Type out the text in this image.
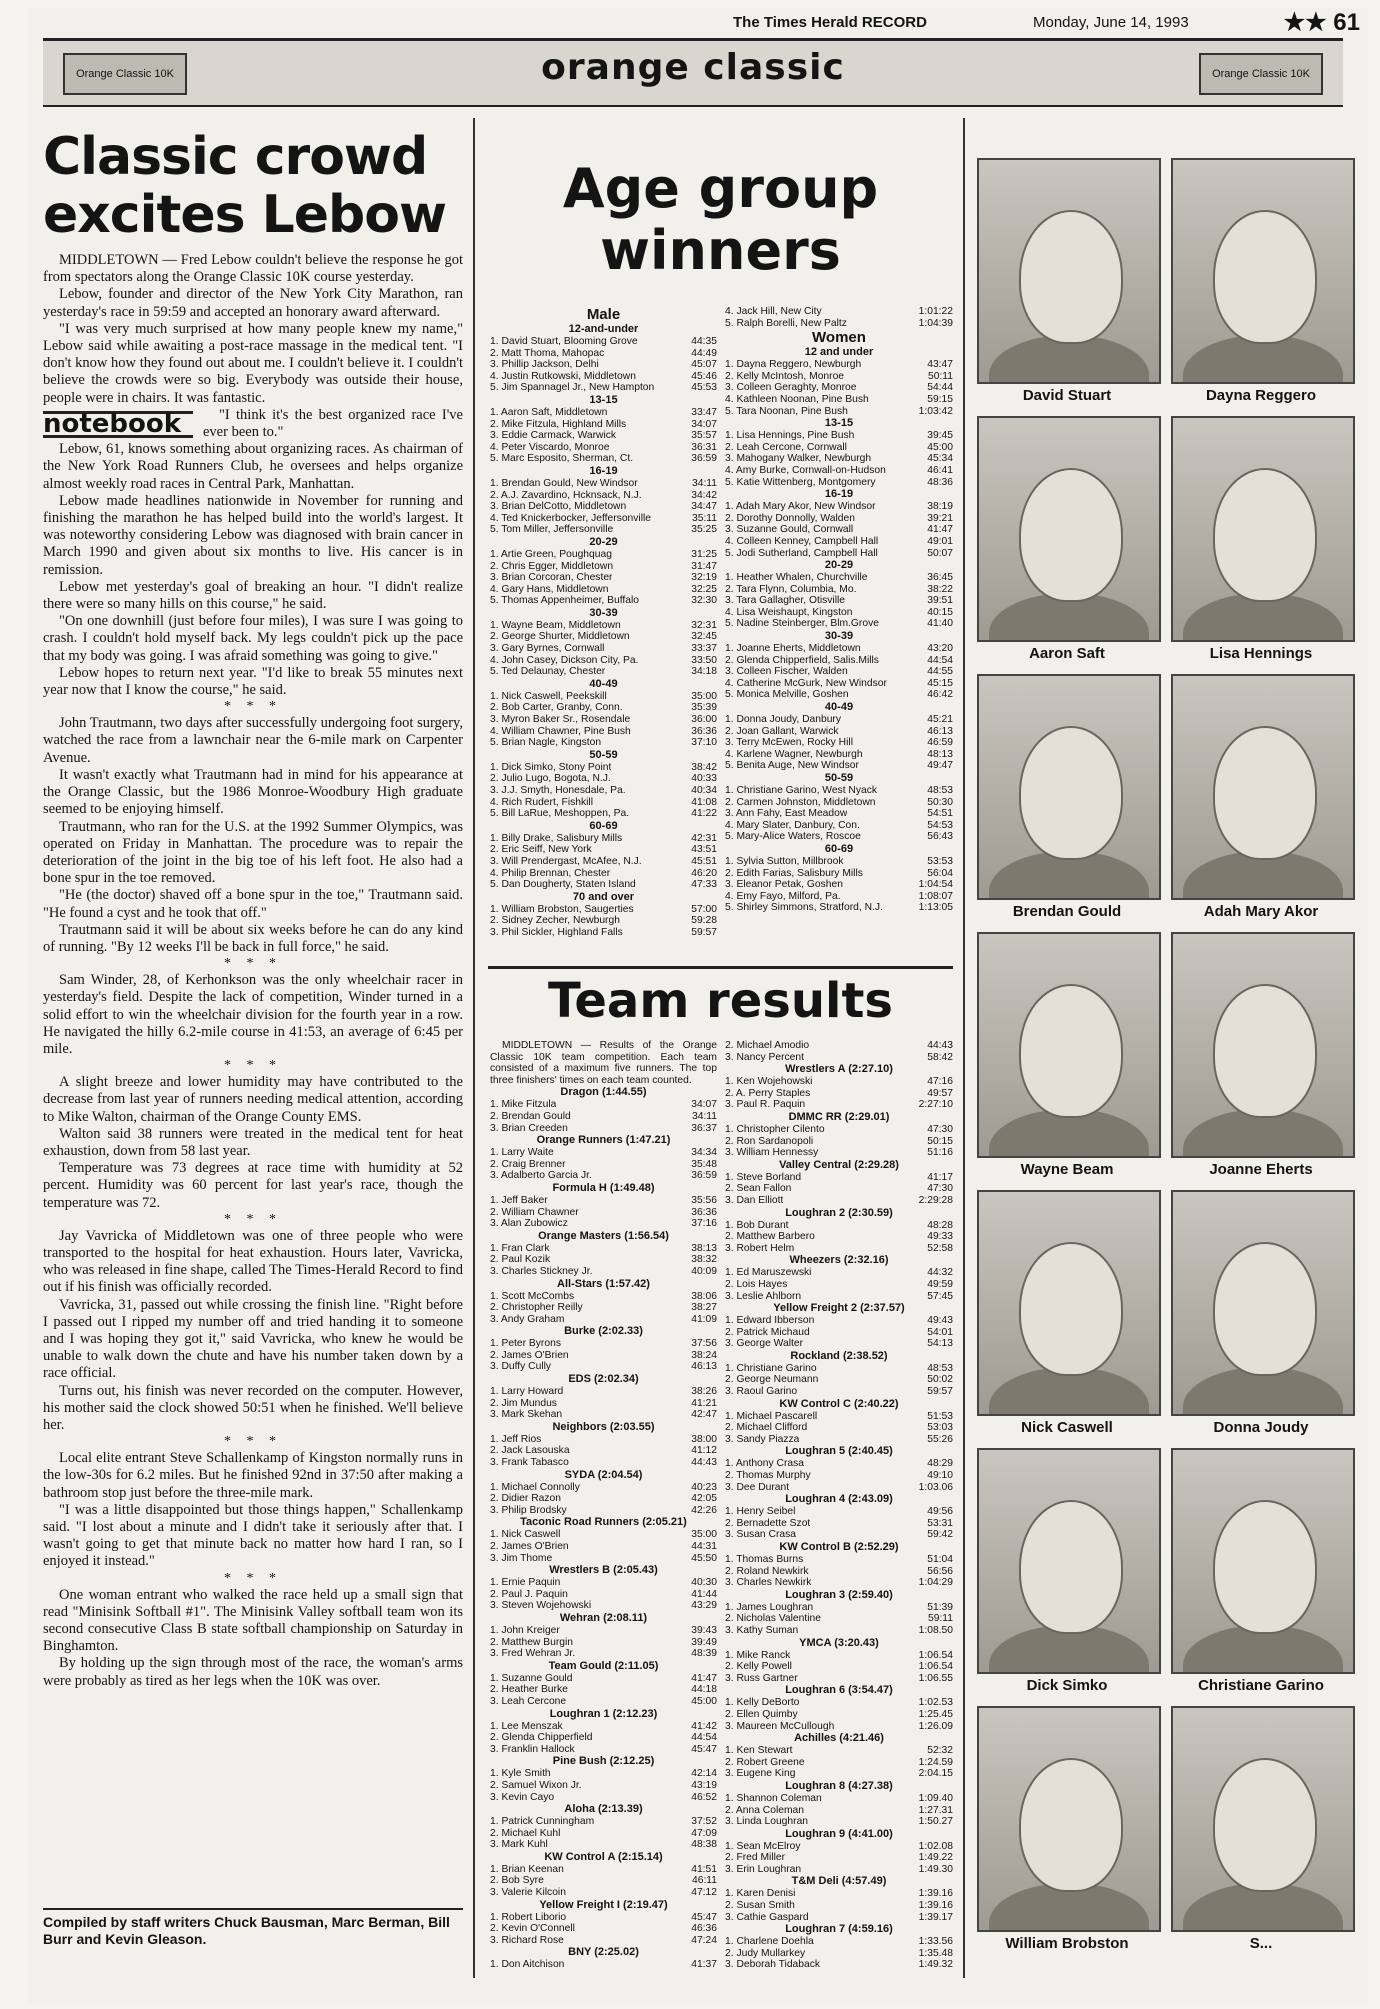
The Times Herald RECORD	Monday, June 14, 1993	★★ 61
Orange Classic 10K	orange classic	Orange Classic 10K
Classic crowd excites Lebow

MIDDLETOWN — Fred Lebow couldn't believe the response he got from spectators along the Orange Classic 10K course yesterday.

Lebow, founder and director of the New York City Marathon, ran yesterday's race in 59:59 and accepted an honorary award afterward.

"I was very much surprised at how many people knew my name," Lebow said while awaiting a post-race massage in the medical tent. "I don't know how they found out about me. I couldn't believe it. I couldn't believe the crowds were so big. Everybody was outside their house, people were in chairs. It was fantastic.

notebook	"I think it's the best organized race I've ever been to."

Lebow, 61, knows something about organizing races. As chairman of the New York Road Runners Club, he oversees and helps organize almost weekly road races in Central Park, Manhattan.

Lebow made headlines nationwide in November for running and finishing the marathon he has helped build into the world's largest. It was noteworthy considering Lebow was diagnosed with brain cancer in March 1990 and given about six months to live. His cancer is in remission.

Lebow met yesterday's goal of breaking an hour. "I didn't realize there were so many hills on this course," he said.

"On one downhill (just before four miles), I was sure I was going to crash. I couldn't hold myself back. My legs couldn't pick up the pace that my body was going. I was afraid something was going to give."

Lebow hopes to return next year. "I'd like to break 55 minutes next year now that I know the course," he said.

* * *

John Trautmann, two days after successfully undergoing foot surgery, watched the race from a lawnchair near the 6-mile mark on Carpenter Avenue.

It wasn't exactly what Trautmann had in mind for his appearance at the Orange Classic, but the 1986 Monroe-Woodbury High graduate seemed to be enjoying himself.

Trautmann, who ran for the U.S. at the 1992 Summer Olympics, was operated on Friday in Manhattan. The procedure was to repair the deterioration of the joint in the big toe of his left foot. He also had a bone spur in the toe removed.

"He (the doctor) shaved off a bone spur in the toe," Trautmann said. "He found a cyst and he took that off."

Trautmann said it will be about six weeks before he can do any kind of running. "By 12 weeks I'll be back in full force," he said.

* * *

Sam Winder, 28, of Kerhonkson was the only wheelchair racer in yesterday's field. Despite the lack of competition, Winder turned in a solid effort to win the wheelchair division for the fourth year in a row. He navigated the hilly 6.2-mile course in 41:53, an average of 6:45 per mile.

* * *

A slight breeze and lower humidity may have contributed to the decrease from last year of runners needing medical attention, according to Mike Walton, chairman of the Orange County EMS.

Walton said 38 runners were treated in the medical tent for heat exhaustion, down from 58 last year.

Temperature was 73 degrees at race time with humidity at 52 percent. Humidity was 60 percent for last year's race, though the temperature was 72.

* * *

Jay Vavricka of Middletown was one of three people who were transported to the hospital for heat exhaustion. Hours later, Vavricka, who was released in fine shape, called The Times-Herald Record to find out if his finish was officially recorded.

Vavricka, 31, passed out while crossing the finish line. "Right before I passed out I ripped my number off and tried handing it to someone and I was hoping they got it," said Vavricka, who knew he would be unable to walk down the chute and have his number taken down by a race official.

Turns out, his finish was never recorded on the computer. However, his mother said the clock showed 50:51 when he finished. We'll believe her.

* * *

Local elite entrant Steve Schallenkamp of Kingston normally runs in the low-30s for 6.2 miles. But he finished 92nd in 37:50 after making a bathroom stop just before the three-mile mark.

"I was a little disappointed but those things happen," Schallenkamp said. "I lost about a minute and I didn't take it seriously after that. I wasn't going to get that minute back no matter how hard I ran, so I enjoyed it instead."

* * *

One woman entrant who walked the race held up a small sign that read "Minisink Softball #1". The Minisink Valley softball team won its second consecutive Class B state softball championship on Saturday in Binghamton.

By holding up the sign through most of the race, the woman's arms were probably as tired as her legs when the 10K was over.

Compiled by staff writers Chuck Bausman, Marc Berman, Bill Burr and Kevin Gleason.
Age group winners
Male
12-and-under
1. David Stuart, Blooming Grove	44:35
2. Matt Thoma, Mahopac	44:49
3. Phillip Jackson, Delhi	45:07
4. Justin Rutkowski, Middletown	45:46
5. Jim Spannagel Jr., New Hampton	45:53
13-15
1. Aaron Saft, Middletown	33:47
2. Mike Fitzula, Highland Mills	34:07
3. Eddie Carmack, Warwick	35:57
4. Peter Viscardo, Monroe	36:31
5. Marc Esposito, Sherman, Ct.	36:59
16-19
1. Brendan Gould, New Windsor	34:11
2. A.J. Zavardino, Hcknsack, N.J.	34:42
3. Brian DelCotto, Middletown	34:47
4. Ted Knickerbocker, Jeffersonville	35:11
5. Tom Miller, Jeffersonville	35:25
20-29
1. Artie Green, Poughquag	31:25
2. Chris Egger, Middletown	31:47
3. Brian Corcoran, Chester	32:19
4. Gary Hans, Middletown	32:25
5. Thomas Appenheimer, Buffalo	32:30
30-39
1. Wayne Beam, Middletown	32:31
2. George Shurter, Middletown	32:45
3. Gary Byrnes, Cornwall	33:37
4. John Casey, Dickson City, Pa.	33:50
5. Ted Delaunay, Chester	34:18
40-49
1. Nick Caswell, Peekskill	35:00
2. Bob Carter, Granby, Conn.	35:39
3. Myron Baker Sr., Rosendale	36:00
4. William Chawner, Pine Bush	36:36
5. Brian Nagle, Kingston	37:10
50-59
1. Dick Simko, Stony Point	38:42
2. Julio Lugo, Bogota, N.J.	40:33
3. J.J. Smyth, Honesdale, Pa.	40:34
4. Rich Rudert, Fishkill	41:08
5. Bill LaRue, Meshoppen, Pa.	41:22
60-69
1. Billy Drake, Salisbury Mills	42:31
2. Eric Seiff, New York	43:51
3. Will Prendergast, McAfee, N.J.	45:51
4. Philip Brennan, Chester	46:20
5. Dan Dougherty, Staten Island	47:33
70 and over
1. William Brobston, Saugerties	57:00
2. Sidney Zecher, Newburgh	59:28
3. Phil Sickler, Highland Falls	59:57
4. Jack Hill, New City	1:01:22
5. Ralph Borelli, New Paltz	1:04:39
Women
12 and under
1. Dayna Reggero, Newburgh	43:47
2. Kelly McIntosh, Monroe	50:11
3. Colleen Geraghty, Monroe	54:44
4. Kathleen Noonan, Pine Bush	59:15
5. Tara Noonan, Pine Bush	1:03:42
13-15
1. Lisa Hennings, Pine Bush	39:45
2. Leah Cercone, Cornwall	45:00
3. Mahogany Walker, Newburgh	45:34
4. Amy Burke, Cornwall-on-Hudson	46:41
5. Katie Wittenberg, Montgomery	48:36
16-19
1. Adah Mary Akor, New Windsor	38:19
2. Dorothy Donnolly, Walden	39:21
3. Suzanne Gould, Cornwall	41:47
4. Colleen Kenney, Campbell Hall	49:01
5. Jodi Sutherland, Campbell Hall	50:07
20-29
1. Heather Whalen, Churchville	36:45
2. Tara Flynn, Columbia, Mo.	38:22
3. Tara Gallagher, Otisville	39:51
4. Lisa Weishaupt, Kingston	40:15
5. Nadine Steinberger, Blm.Grove	41:40
30-39
1. Joanne Eherts, Middletown	43:20
2. Glenda Chipperfield, Salis.Mills	44:54
3. Colleen Fischer, Walden	44:55
4. Catherine McGurk, New Windsor	45:15
5. Monica Melville, Goshen	46:42
40-49
1. Donna Joudy, Danbury	45:21
2. Joan Gallant, Warwick	46:13
3. Terry McEwen, Rocky Hill	46:59
4. Karlene Wagner, Newburgh	48:13
5. Benita Auge, New Windsor	49:47
50-59
1. Christiane Garino, West Nyack	48:53
2. Carmen Johnston, Middletown	50:30
3. Ann Fahy, East Meadow	54:51
4. Mary Slater, Danbury, Con.	54:53
5. Mary-Alice Waters, Roscoe	56:43
60-69
1. Sylvia Sutton, Millbrook	53:53
2. Edith Farias, Salisbury Mills	56:04
3. Eleanor Petak, Goshen	1:04:54
4. Emy Fayo, Milford, Pa.	1:08:07
5. Shirley Simmons, Stratford, N.J.	1:13:05
Team results
MIDDLETOWN — Results of the Orange Classic 10K team competition. Each team consisted of a maximum five runners. The top three finishers' times on each team counted.
Dragon (1:44.55)
1. Mike Fitzula	34:07
2. Brendan Gould	34:11
3. Brian Creeden	36:37
Orange Runners (1:47.21)
1. Larry Waite	34:34
2. Craig Brenner	35:48
3. Adalberto Garcia Jr.	36:59
Formula H (1:49.48)
1. Jeff Baker	35:56
2. William Chawner	36:36
3. Alan Zubowicz	37:16
Orange Masters (1:56.54)
1. Fran Clark	38:13
2. Paul Kozik	38:32
3. Charles Stickney Jr.	40:09
All-Stars (1:57.42)
1. Scott McCombs	38:06
2. Christopher Reilly	38:27
3. Andy Graham	41:09
Burke (2:02.33)
1. Peter Byrons	37:56
2. James O'Brien	38:24
3. Duffy Cully	46:13
EDS (2:02.34)
1. Larry Howard	38:26
2. Jim Mundus	41:21
3. Mark Skehan	42:47
Neighbors (2:03.55)
1. Jeff Rios	38:00
2. Jack Lasouska	41:12
3. Frank Tabasco	44:43
SYDA (2:04.54)
1. Michael Connolly	40:23
2. Didier Razon	42:05
3. Philip Brodsky	42:26
Taconic Road Runners (2:05.21)
1. Nick Caswell	35:00
2. James O'Brien	44:31
3. Jim Thome	45:50
Wrestlers B (2:05.43)
1. Ernie Paquin	40:30
2. Paul J. Paquin	41:44
3. Steven Wojehowski	43:29
Wehran (2:08.11)
1. John Kreiger	39:43
2. Matthew Burgin	39:49
3. Fred Wehran Jr.	48:39
Team Gould (2:11.05)
1. Suzanne Gould	41:47
2. Heather Burke	44:18
3. Leah Cercone	45:00
Loughran 1 (2:12.23)
1. Lee Menszak	41:42
2. Glenda Chipperfield	44:54
3. Franklin Hallock	45:47
Pine Bush (2:12.25)
1. Kyle Smith	42:14
2. Samuel Wixon Jr.	43:19
3. Kevin Cayo	46:52
Aloha (2:13.39)
1. Patrick Cunningham	37:52
2. Michael Kuhl	47:09
3. Mark Kuhl	48:38
KW Control A (2:15.14)
1. Brian Keenan	41:51
2. Bob Syre	46:11
3. Valerie Kilcoin	47:12
Yellow Freight I (2:19.47)
1. Robert Liborio	45:47
2. Kevin O'Connell	46:36
3. Richard Rose	47:24
BNY (2:25.02)
1. Don Aitchison	41:37
2. Michael Amodio	44:43
3. Nancy Percent	58:42
Wrestlers A (2:27.10)
1. Ken Wojehowski	47:16
2. A. Perry Staples	49:57
3. Paul R. Paquin	2:27:10
DMMC RR (2:29.01)
1. Christopher Cilento	47:30
2. Ron Sardanopoli	50:15
3. William Hennessy	51:16
Valley Central (2:29.28)
1. Steve Borland	41:17
2. Sean Fallon	47:30
3. Dan Elliott	2:29:28
Loughran 2 (2:30.59)
1. Bob Durant	48:28
2. Matthew Barbero	49:33
3. Robert Helm	52:58
Wheezers (2:32.16)
1. Ed Maruszewski	44:32
2. Lois Hayes	49:59
3. Leslie Ahlborn	57:45
Yellow Freight 2 (2:37.57)
1. Edward Ibberson	49:43
2. Patrick Michaud	54:01
3. George Walter	54:13
Rockland (2:38.52)
1. Christiane Garino	48:53
2. George Neumann	50:02
3. Raoul Garino	59:57
KW Control C (2:40.22)
1. Michael Pascarell	51:53
2. Michael Clifford	53:03
3. Sandy Piazza	55:26
Loughran 5 (2:40.45)
1. Anthony Crasa	48:29
2. Thomas Murphy	49:10
3. Dee Durant	1:03.06
Loughran 4 (2:43.09)
1. Henry Seibel	49:56
2. Bernadette Szot	53:31
3. Susan Crasa	59:42
KW Control B (2:52.29)
1. Thomas Burns	51:04
2. Roland Newkirk	56:56
3. Charles Newkirk	1:04:29
Loughran 3 (2:59.40)
1. James Loughran	51:39
2. Nicholas Valentine	59:11
3. Kathy Suman	1:08.50
YMCA (3:20.43)
1. Mike Ranck	1:06.54
2. Kelly Powell	1:06.54
3. Russ Gartner	1:06.55
Loughran 6 (3:54.47)
1. Kelly DeBorto	1:02.53
2. Ellen Quimby	1:25.45
3. Maureen McCullough	1:26.09
Achilles (4:21.46)
1. Ken Stewart	52:32
2. Robert Greene	1:24.59
3. Eugene King	2:04.15
Loughran 8 (4:27.38)
1. Shannon Coleman	1:09.40
2. Anna Coleman	1:27.31
3. Linda Loughran	1:50.27
Loughran 9 (4:41.00)
1. Sean McElroy	1:02.08
2. Fred Miller	1:49.22
3. Erin Loughran	1:49.30
T&M Deli (4:57.49)
1. Karen Denisi	1:39.16
2. Susan Smith	1:39.16
3. Cathie Gaspard	1:39.17
Loughran 7 (4:59.16)
1. Charlene Doehla	1:33.56
2. Judy Mullarkey	1:35.48
3. Deborah Tidaback	1:49.32
David Stuart	Dayna Reggero
Aaron Saft	Lisa Hennings
Brendan Gould	Adah Mary Akor
Wayne Beam	Joanne Eherts
Nick Caswell	Donna Joudy
Dick Simko	Christiane Garino
William Brobston	S...
